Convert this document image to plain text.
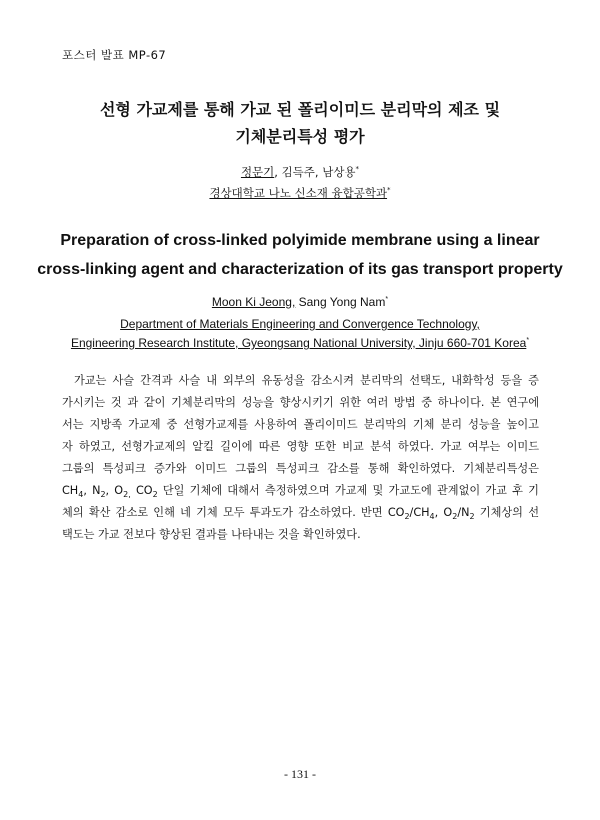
포스터 발표 MP-67
선형 가교제를 통해 가교 된 폴리이미드 분리막의 제조 및
기체분리특성 평가
정문기, 김득주, 남상용*
경상대학교 나노 신소재 융합공학과*
Preparation of cross-linked polyimide membrane using a linear
cross-linking agent and characterization of its gas transport property
Moon Ki Jeong, Sang Yong Nam*
Department of Materials Engineering and Convergence Technology,
Engineering Research Institute, Gyeongsang National University, Jinju 660-701 Korea*
가교는 사슬 간격과 사슬 내 외부의 유동성을 감소시켜 분리막의 선택도, 내화학성 등을 증
가시키는 것 과 같이 기체분리막의 성능을 향상시키기 위한 여러 방법 중 하나이다. 본 연구에
서는 지방족 가교제 중 선형가교제를 사용하여 폴리이미드 분리막의 기체 분리 성능을 높이고
자 하였고, 선형가교제의 알킬 길이에 따른 영향 또한 비교 분석 하였다. 가교 여부는 이미드
그룹의 특성피크 증가와 이미드 그룹의 특성피크 감소를 통해 확인하였다. 기체분리특성은
$CH_4$, $N_2$, $O_{2,}$ $CO_2$ 단일 기체에 대해서 측정하였으며 가교제 및 가교도에 관계없이 가교 후 기
체의 확산 감소로 인해 네 기체 모두 투과도가 감소하였다. 반면 $CO_2/CH_4$, $O_2/N_2$ 기체상의 선
택도는 가교 전보다 향상된 결과를 나타내는 것을 확인하였다.
- 131 -
